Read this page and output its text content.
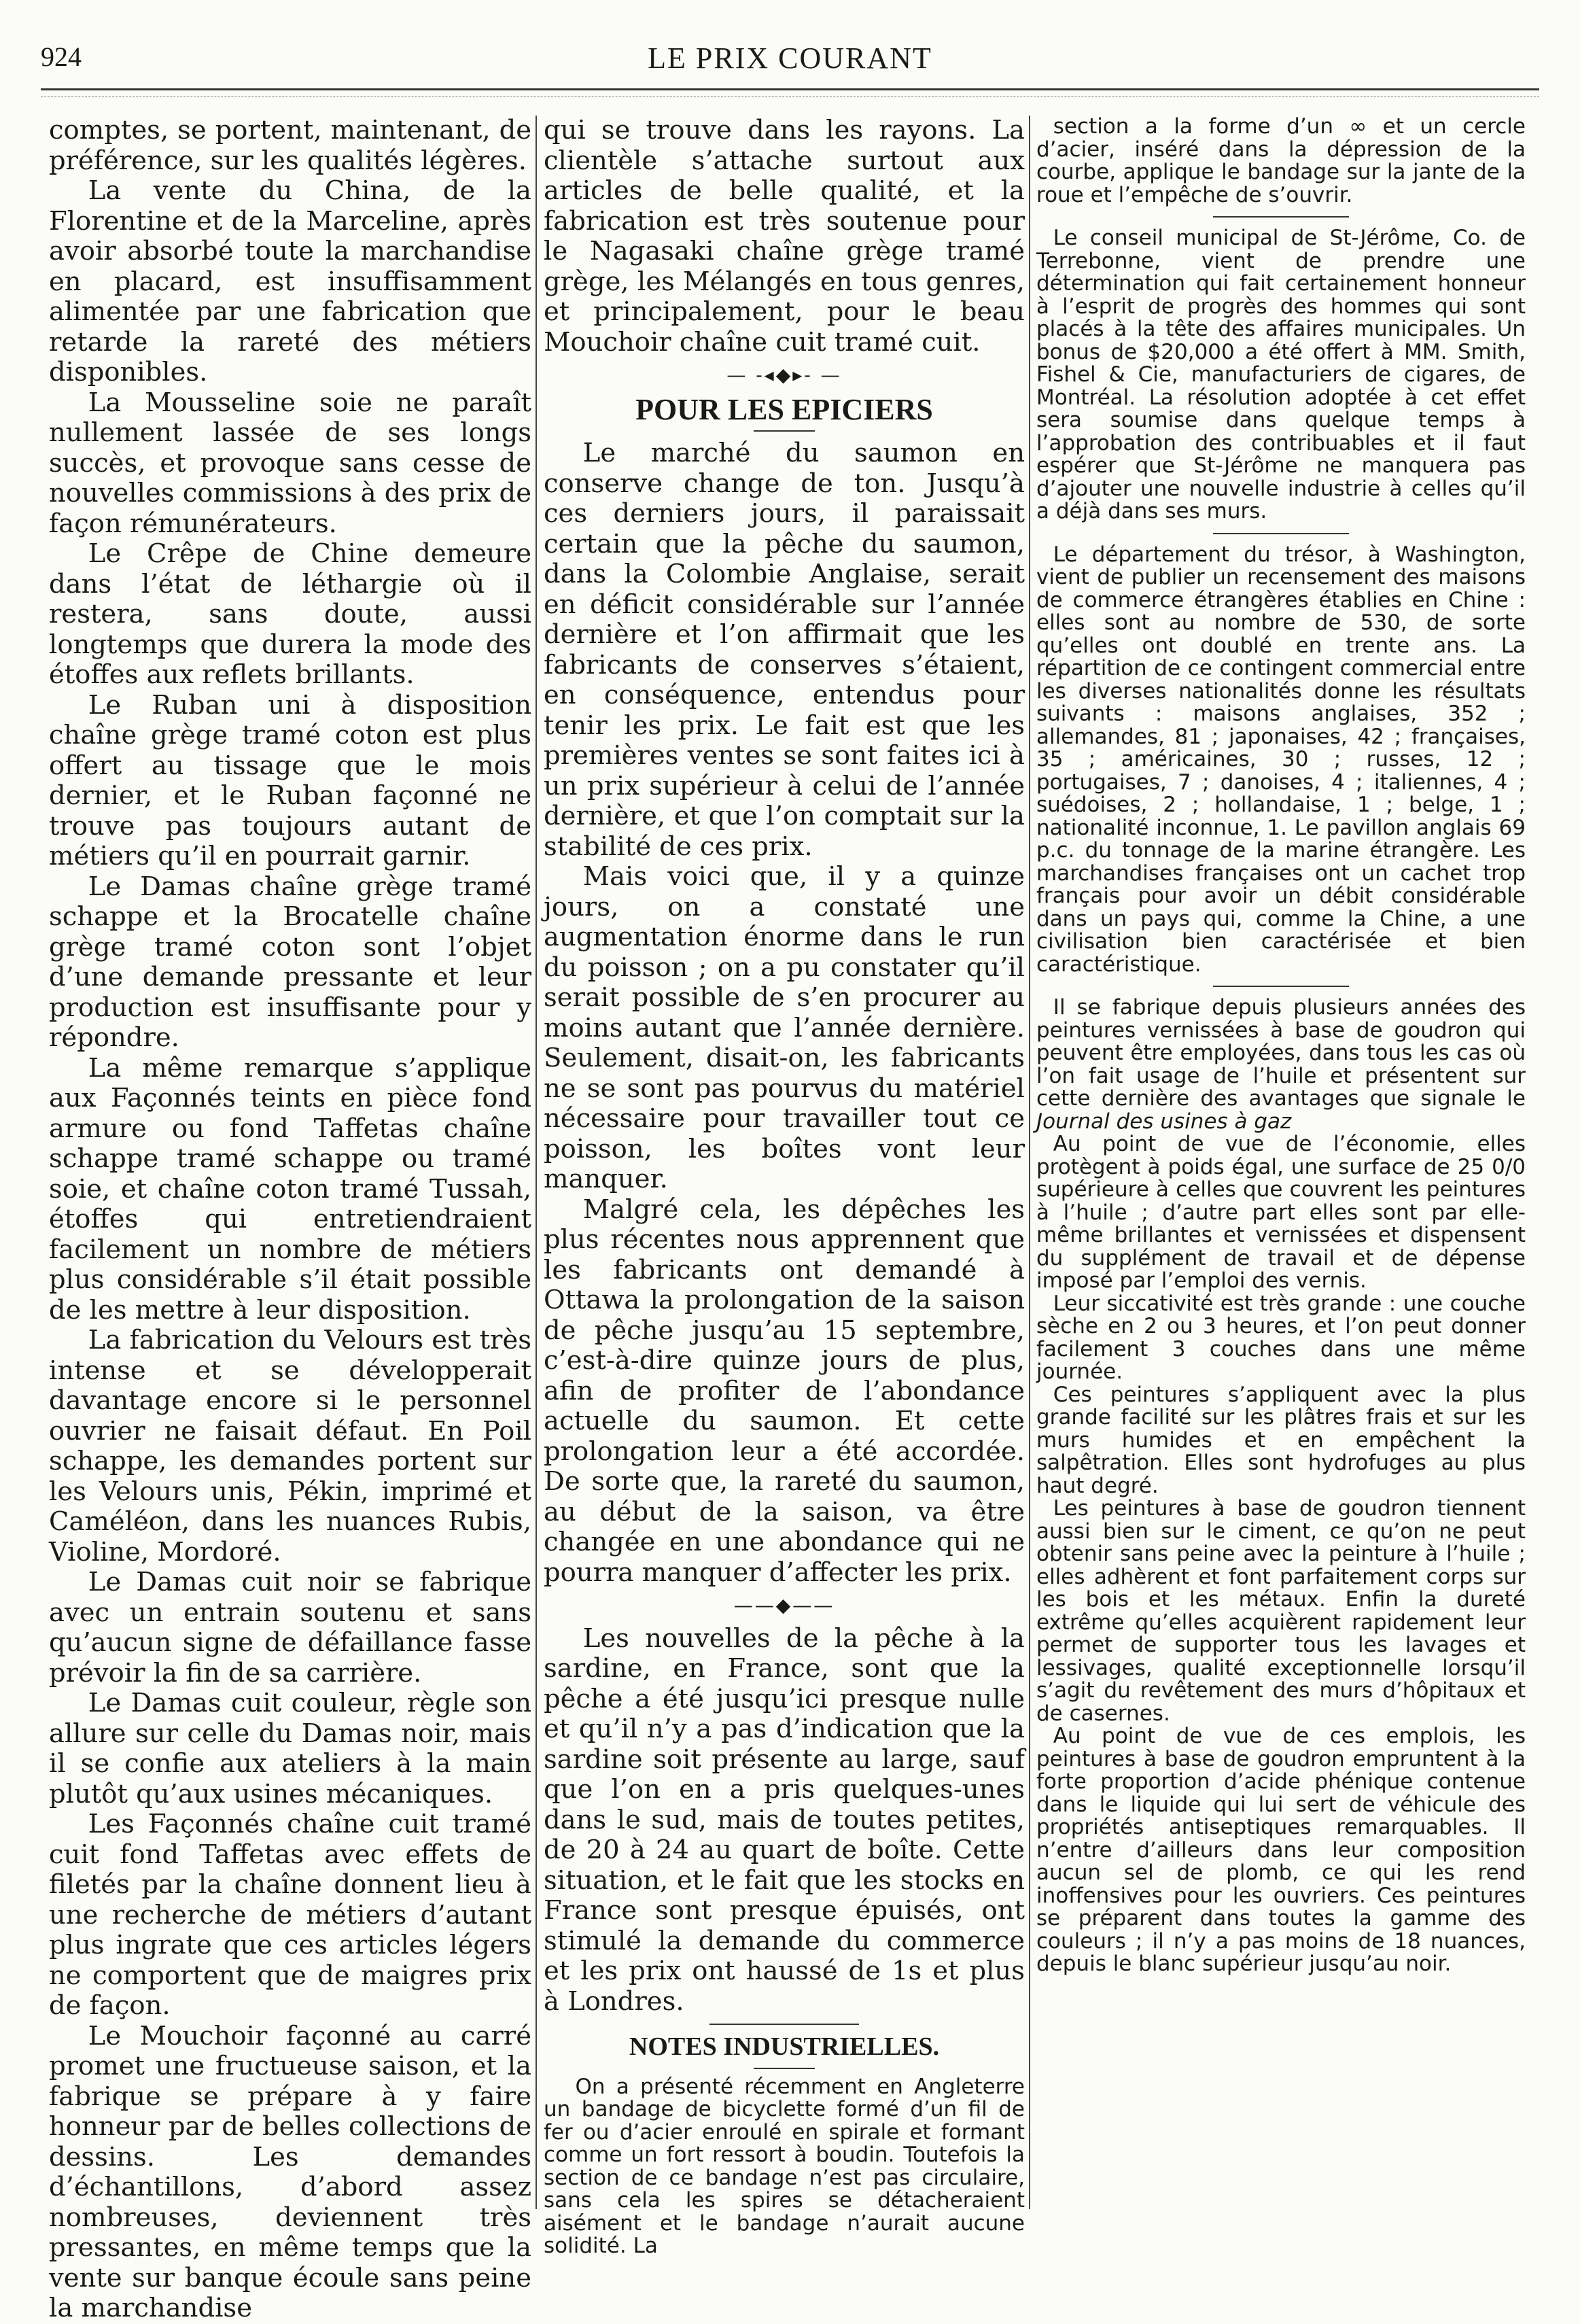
924	LE PRIX COURANT

comptes, se portent, maintenant, de préférence, sur les qualités légères.

La vente du China, de la Florentine et de la Marceline, après avoir absorbé toute la marchandise en placard, est insuffisamment alimentée par une fabrication que retarde la rareté des métiers disponibles.

La Mousseline soie ne paraît nullement lassée de ses longs succès, et provoque sans cesse de nouvelles commissions à des prix de façon rémunérateurs.

Le Crêpe de Chine demeure dans l’état de léthargie où il restera, sans doute, aussi longtemps que durera la mode des étoffes aux reflets brillants.

Le Ruban uni à disposition chaîne grège tramé coton est plus offert au tissage que le mois dernier, et le Ruban façonné ne trouve pas toujours autant de métiers qu’il en pourrait garnir.

Le Damas chaîne grège tramé schappe et la Brocatelle chaîne grège tramé coton sont l’objet d’une demande pressante et leur production est insuffisante pour y répondre.

La même remarque s’applique aux Façonnés teints en pièce fond armure ou fond Taffetas chaîne schappe tramé schappe ou tramé soie, et chaîne coton tramé Tussah, étoffes qui entretiendraient facilement un nombre de métiers plus considérable s’il était possible de les mettre à leur disposition.

La fabrication du Velours est très intense et se développerait davantage encore si le personnel ouvrier ne faisait défaut. En Poil schappe, les demandes portent sur les Velours unis, Pékin, imprimé et Caméléon, dans les nuances Rubis, Violine, Mordoré.

Le Damas cuit noir se fabrique avec un entrain soutenu et sans qu’aucun signe de défaillance fasse prévoir la fin de sa carrière.

Le Damas cuit couleur, règle son allure sur celle du Damas noir, mais il se confie aux ateliers à la main plutôt qu’aux usines mécaniques.

Les Façonnés chaîne cuit tramé cuit fond Taffetas avec effets de filetés par la chaîne donnent lieu à une recherche de métiers d’autant plus ingrate que ces articles légers ne comportent que de maigres prix de façon.

Le Mouchoir façonné au carré promet une fructueuse saison, et la fabrique se prépare à y faire honneur par de belles collections de dessins. Les demandes d’échantillons, d’abord assez nombreuses, deviennent très pressantes, en même temps que la vente sur banque écoule sans peine la marchandise

qui se trouve dans les rayons. La clientèle s’attache surtout aux articles de belle qualité, et la fabrication est très soutenue pour le Nagasaki chaîne grège tramé grège, les Mélangés en tous genres, et principalement, pour le beau Mouchoir chaîne cuit tramé cuit.

— -◂◆▸- —
POUR LES EPICIERS

Le marché du saumon en conserve change de ton. Jusqu’à ces derniers jours, il paraissait certain que la pêche du saumon, dans la Colombie Anglaise, serait en déficit considérable sur l’année dernière et l’on affirmait que les fabricants de conserves s’étaient, en conséquence, entendus pour tenir les prix. Le fait est que les premières ventes se sont faites ici à un prix supérieur à celui de l’année dernière, et que l’on comptait sur la stabilité de ces prix.

Mais voici que, il y a quinze jours, on a constaté une augmentation énorme dans le run du poisson ; on a pu constater qu’il serait possible de s’en procurer au moins autant que l’année dernière. Seulement, disait-on, les fabricants ne se sont pas pourvus du matériel nécessaire pour travailler tout ce poisson, les boîtes vont leur manquer.

Malgré cela, les dépêches les plus récentes nous apprennent que les fabricants ont demandé à Ottawa la prolongation de la saison de pêche jusqu’au 15 septembre, c’est-à-dire quinze jours de plus, afin de profiter de l’abondance actuelle du saumon. Et cette prolongation leur a été accordée. De sorte que, la rareté du saumon, au début de la saison, va être changée en une abondance qui ne pourra manquer d’affecter les prix.

——◆——

Les nouvelles de la pêche à la sardine, en France, sont que la pêche a été jusqu’ici presque nulle et qu’il n’y a pas d’indication que la sardine soit présente au large, sauf que l’on en a pris quelques-unes dans le sud, mais de toutes petites, de 20 à 24 au quart de boîte. Cette situation, et le fait que les stocks en France sont presque épuisés, ont stimulé la demande du commerce et les prix ont haussé de 1s et plus à Londres.

NOTES INDUSTRIELLES.

On a présenté récemment en Angleterre un bandage de bicyclette formé d’un fil de fer ou d’acier enroulé en spirale et formant comme un fort ressort à boudin. Toutefois la section de ce bandage n’est pas circulaire, sans cela les spires se détacheraient aisément et le bandage n’aurait aucune solidité. La

section a la forme d’un ∞ et un cercle d’acier, inséré dans la dépression de la courbe, applique le bandage sur la jante de la roue et l’empêche de s’ouvrir.

Le conseil municipal de St-Jérôme, Co. de Terrebonne, vient de prendre une détermination qui fait certainement honneur à l’esprit de progrès des hommes qui sont placés à la tête des affaires municipales. Un bonus de $20,000 a été offert à MM. Smith, Fishel & Cie, manufacturiers de cigares, de Montréal. La résolution adoptée à cet effet sera soumise dans quelque temps à l’approbation des contribuables et il faut espérer que St-Jérôme ne manquera pas d’ajouter une nouvelle industrie à celles qu’il a déjà dans ses murs.

Le département du trésor, à Washington, vient de publier un recensement des maisons de commerce étrangères établies en Chine : elles sont au nombre de 530, de sorte qu’elles ont doublé en trente ans. La répartition de ce contingent commercial entre les diverses nationalités donne les résultats suivants : maisons anglaises, 352 ; allemandes, 81 ; japonaises, 42 ; françaises, 35 ; américaines, 30 ; russes, 12 ; portugaises, 7 ; danoises, 4 ; italiennes, 4 ; suédoises, 2 ; hollandaise, 1 ; belge, 1 ; nationalité inconnue, 1. Le pavillon anglais 69 p.c. du tonnage de la marine étrangère. Les marchandises françaises ont un cachet trop français pour avoir un débit considérable dans un pays qui, comme la Chine, a une civilisation bien caractérisée et bien caractéristique.

Il se fabrique depuis plusieurs années des peintures vernissées à base de goudron qui peuvent être employées, dans tous les cas où l’on fait usage de l’huile et présentent sur cette dernière des avantages que signale le Journal des usines à gaz

Au point de vue de l’économie, elles protègent à poids égal, une surface de 25 0/0 supérieure à celles que couvrent les peintures à l’huile ; d’autre part elles sont par elle-même brillantes et vernissées et dispensent du supplément de travail et de dépense imposé par l’emploi des vernis.

Leur siccativité est très grande : une couche sèche en 2 ou 3 heures, et l’on peut donner facilement 3 couches dans une même journée.

Ces peintures s’appliquent avec la plus grande facilité sur les plâtres frais et sur les murs humides et en empêchent la salpêtration. Elles sont hydrofuges au plus haut degré.

Les peintures à base de goudron tiennent aussi bien sur le ciment, ce qu’on ne peut obtenir sans peine avec la peinture à l’huile ; elles adhèrent et font parfaitement corps sur les bois et les métaux. Enfin la dureté extrême qu’elles acquièrent rapidement leur permet de supporter tous les lavages et lessivages, qualité exceptionnelle lorsqu’il s’agit du revêtement des murs d’hôpitaux et de casernes.

Au point de vue de ces emplois, les peintures à base de goudron empruntent à la forte proportion d’acide phénique contenue dans le liquide qui lui sert de véhicule des propriétés antiseptiques remarquables. Il n’entre d’ailleurs dans leur composition aucun sel de plomb, ce qui les rend inoffensives pour les ouvriers. Ces peintures se préparent dans toutes la gamme des couleurs ; il n’y a pas moins de 18 nuances, depuis le blanc supérieur jusqu’au noir.
